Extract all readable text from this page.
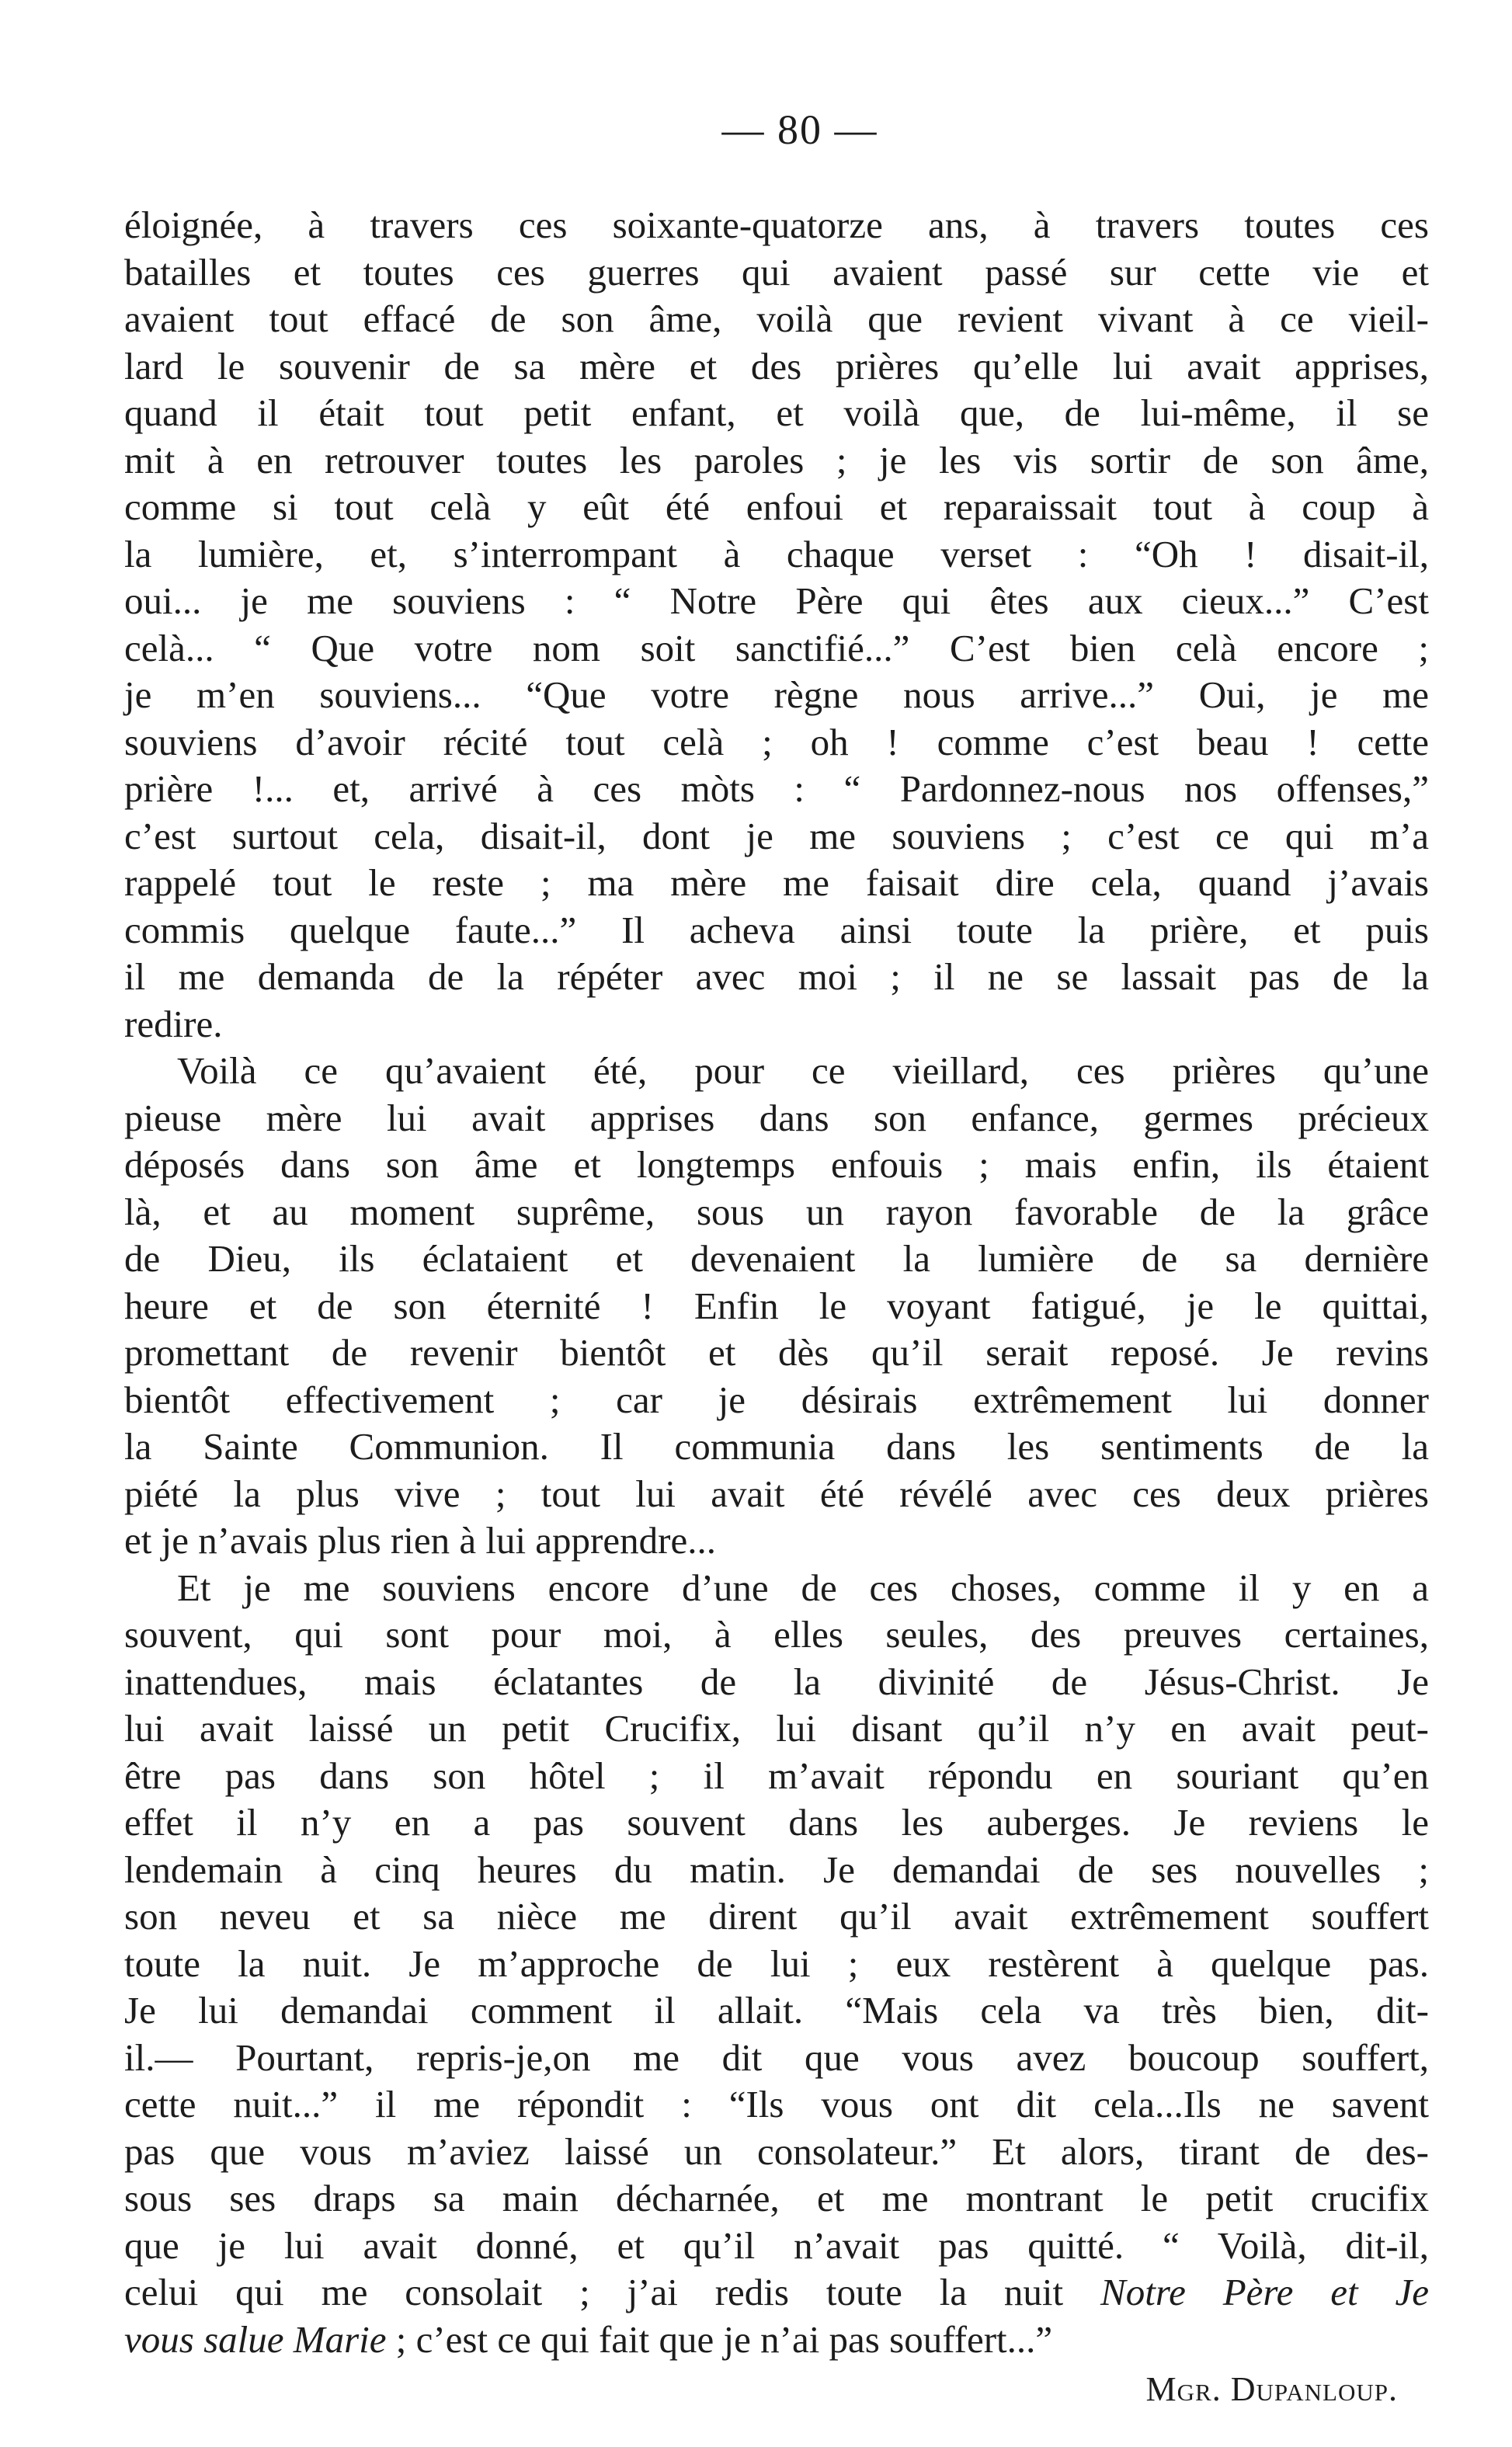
— 80 —
éloignée, à travers ces soixante-quatorze ans, à travers toutes ces
batailles et toutes ces guerres qui avaient passé sur cette vie et
avaient tout effacé de son âme, voilà que revient vivant à ce vieil-
lard le souvenir de sa mère et des prières qu’elle lui avait apprises,
quand il était tout petit enfant, et voilà que, de lui-même, il se
mit à en retrouver toutes les paroles ; je les vis sortir de son âme,
comme si tout celà y eût été enfoui et reparaissait tout à coup à
la lumière, et, s’interrompant à chaque verset : “Oh ! disait-il,
oui... je me souviens : “ Notre Père qui êtes aux cieux...” C’est
celà... “ Que votre nom soit sanctifié...” C’est bien celà encore ;
je m’en souviens... “Que votre règne nous arrive...” Oui, je me
souviens d’avoir récité tout celà ; oh ! comme c’est beau ! cette
prière !... et, arrivé à ces mòts : “ Pardonnez-nous nos offenses,”
c’est surtout cela, disait-il, dont je me souviens ; c’est ce qui m’a
rappelé tout le reste ; ma mère me faisait dire cela, quand j’avais
commis quelque faute...” Il acheva ainsi toute la prière, et puis
il me demanda de la répéter avec moi ; il ne se lassait pas de la
redire.
Voilà ce qu’avaient été, pour ce vieillard, ces prières qu’une
pieuse mère lui avait apprises dans son enfance, germes précieux
déposés dans son âme et longtemps enfouis ; mais enfin, ils étaient
là, et au moment suprême, sous un rayon favorable de la grâce
de Dieu, ils éclataient et devenaient la lumière de sa dernière
heure et de son éternité ! Enfin le voyant fatigué, je le quittai,
promettant de revenir bientôt et dès qu’il serait reposé. Je revins
bientôt effectivement ; car je désirais extrêmement lui donner
la Sainte Communion. Il communia dans les sentiments de la
piété la plus vive ; tout lui avait été révélé avec ces deux prières
et je n’avais plus rien à lui apprendre...
Et je me souviens encore d’une de ces choses, comme il y en a
souvent, qui sont pour moi, à elles seules, des preuves certaines,
inattendues, mais éclatantes de la divinité de Jésus-Christ. Je
lui avait laissé un petit Crucifix, lui disant qu’il n’y en avait peut-
être pas dans son hôtel ; il m’avait répondu en souriant qu’en
effet il n’y en a pas souvent dans les auberges. Je reviens le
lendemain à cinq heures du matin. Je demandai de ses nouvelles ;
son neveu et sa nièce me dirent qu’il avait extrêmement souffert
toute la nuit. Je m’approche de lui ; eux restèrent à quelque pas.
Je lui demandai comment il allait. “Mais cela va très bien, dit-
il.— Pourtant, repris-je,on me dit que vous avez boucoup souffert,
cette nuit...” il me répondit : “Ils vous ont dit cela...Ils ne savent
pas que vous m’aviez laissé un consolateur.” Et alors, tirant de des-
sous ses draps sa main décharnée, et me montrant le petit crucifix
que je lui avait donné, et qu’il n’avait pas quitté. “ Voilà, dit-il,
celui qui me consolait ; j’ai redis toute la nuit Notre Père et Je
vous salue Marie ; c’est ce qui fait que je n’ai pas souffert...”
Mgr. Dupanloup.
